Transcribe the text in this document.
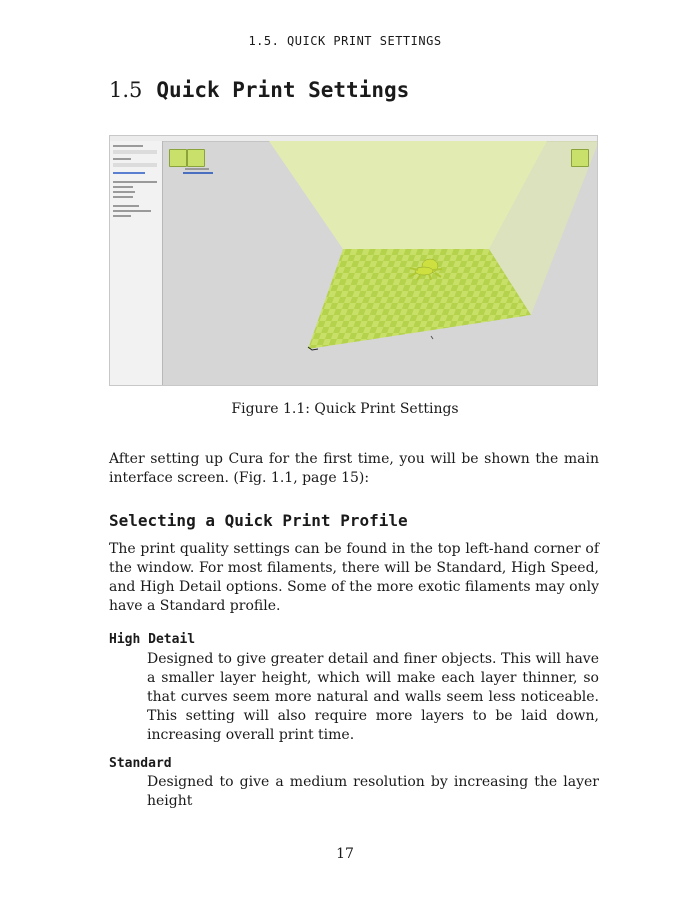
1.5. QUICK PRINT SETTINGS
1.5 Quick Print Settings
Figure 1.1: Quick Print Settings

After setting up Cura for the first time, you will be shown the main interface screen. (Fig. 1.1, page 15):

Selecting a Quick Print Profile

The print quality settings can be found in the top left-hand corner of the window. For most filaments, there will be Standard, High Speed, and High Detail options. Some of the more exotic filaments may only have a Standard profile.

High Detail

Designed to give greater detail and finer objects. This will have a smaller layer height, which will make each layer thinner, so that curves seem more natural and walls seem less noticeable. This setting will also require more layers to be laid down, increasing overall print time.

Standard

Designed to give a medium resolution by increasing the layer height

17
